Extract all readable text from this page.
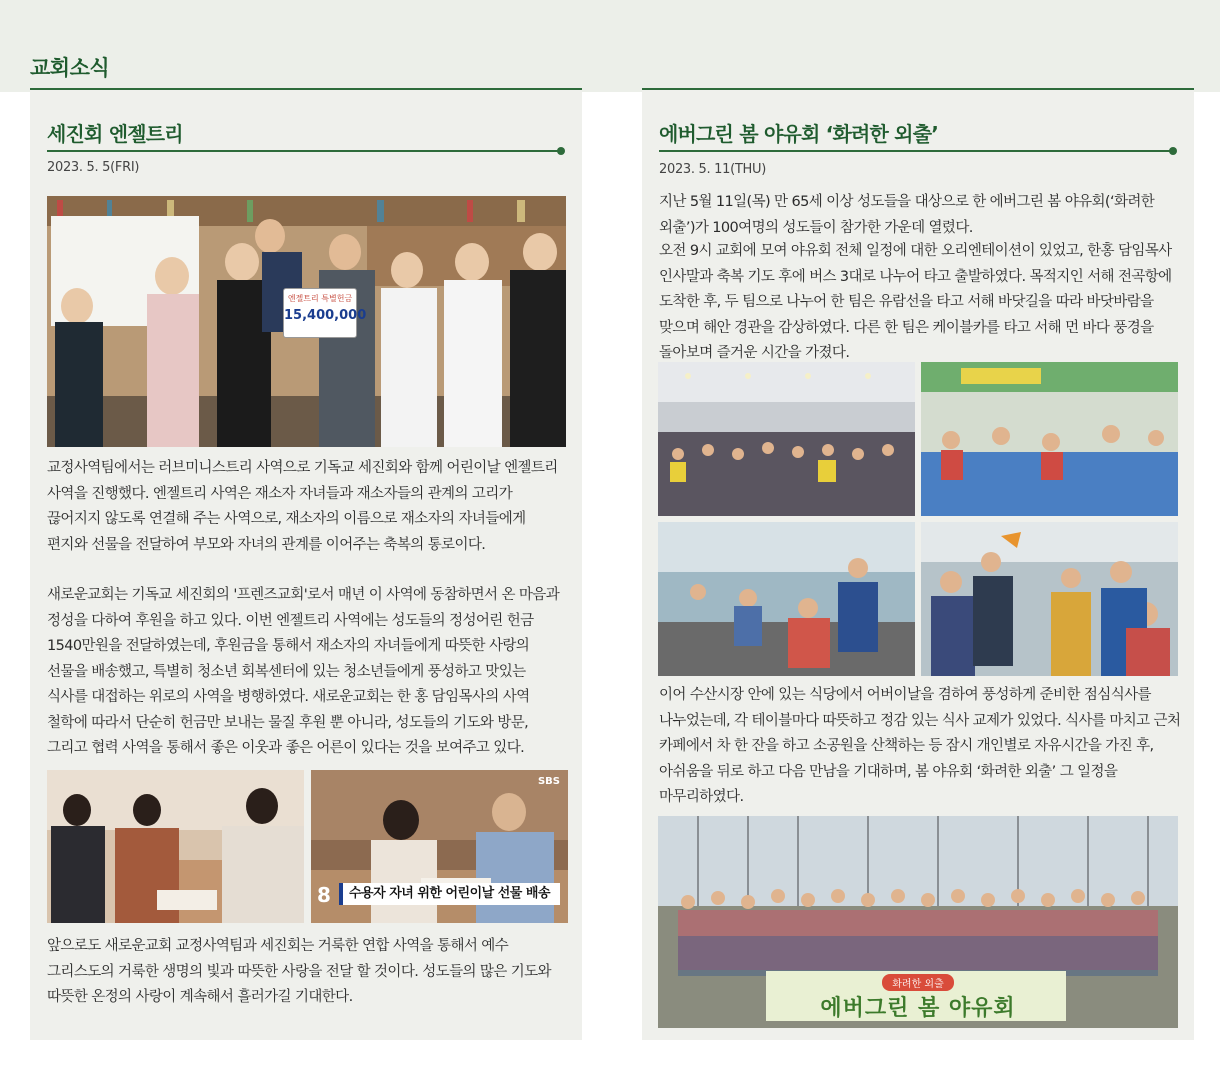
교회소식
세진회 엔젤트리
2023. 5. 5(FRI)
엔젤트리 특별헌금
15,400,000
교정사역팀에서는 러브미니스트리 사역으로 기독교 세진회와 함께 어린이날 엔젤트리 사역을 진행했다. 엔젤트리 사역은 재소자 자녀들과 재소자들의 관계의 고리가 끊어지지 않도록 연결해 주는 사역으로, 재소자의 이름으로 재소자의 자녀들에게 편지와 선물을 전달하여 부모와 자녀의 관계를 이어주는 축복의 통로이다.
새로운교회는 기독교 세진회의 '프렌즈교회'로서 매년 이 사역에 동참하면서 온 마음과 정성을 다하여 후원을 하고 있다. 이번 엔젤트리 사역에는 성도들의 정성어린 헌금 1540만원을 전달하였는데, 후원금을 통해서 재소자의 자녀들에게 따뜻한 사랑의 선물을 배송했고, 특별히 청소년 회복센터에 있는 청소년들에게 풍성하고 맛있는 식사를 대접하는 위로의 사역을 병행하였다. 새로운교회는 한 홍 담임목사의 사역 철학에 따라서 단순히 헌금만 보내는 물질 후원 뿐 아니라, 성도들의 기도와 방문, 그리고 협력 사역을 통해서 좋은 이웃과 좋은 어른이 있다는 것을 보여주고 있다.
SBS
8	수용자 자녀 위한 어린이날 선물 배송
앞으로도 새로운교회 교정사역팀과 세진회는 거룩한 연합 사역을 통해서 예수 그리스도의 거룩한 생명의 빛과 따뜻한 사랑을 전달 할 것이다. 성도들의 많은 기도와 따뜻한 온정의 사랑이 계속해서 흘러가길 기대한다.
에버그린 봄 야유회 ‘화려한 외출’
2023. 5. 11(THU)
지난 5월 11일(목) 만 65세 이상 성도들을 대상으로 한 에버그린 봄 야유회(‘화려한 외출’)가 100여명의 성도들이 참가한 가운데 열렸다.
오전 9시 교회에 모여 야유회 전체 일정에 대한 오리엔테이션이 있었고, 한홍 담임목사 인사말과 축복 기도 후에 버스 3대로 나누어 타고 출발하였다. 목적지인 서해 전곡항에 도착한 후, 두 팀으로 나누어 한 팀은 유람선을 타고 서해 바닷길을 따라 바닷바람을 맞으며 해안 경관을 감상하였다. 다른 한 팀은 케이블카를 타고 서해 먼 바다 풍경을 돌아보며 즐거운 시간을 가졌다.
이어 수산시장 안에 있는 식당에서 어버이날을 겸하여 풍성하게 준비한 점심식사를 나누었는데, 각 테이블마다 따뜻하고 정감 있는 식사 교제가 있었다. 식사를 마치고 근처 카페에서 차 한 잔을 하고 소공원을 산책하는 등 잠시 개인별로 자유시간을 가진 후, 아쉬움을 뒤로 하고 다음 만남을 기대하며, 봄 야유회 ‘화려한 외출’ 그 일정을 마무리하였다.
화려한 외출
에버그린 봄 야유회
